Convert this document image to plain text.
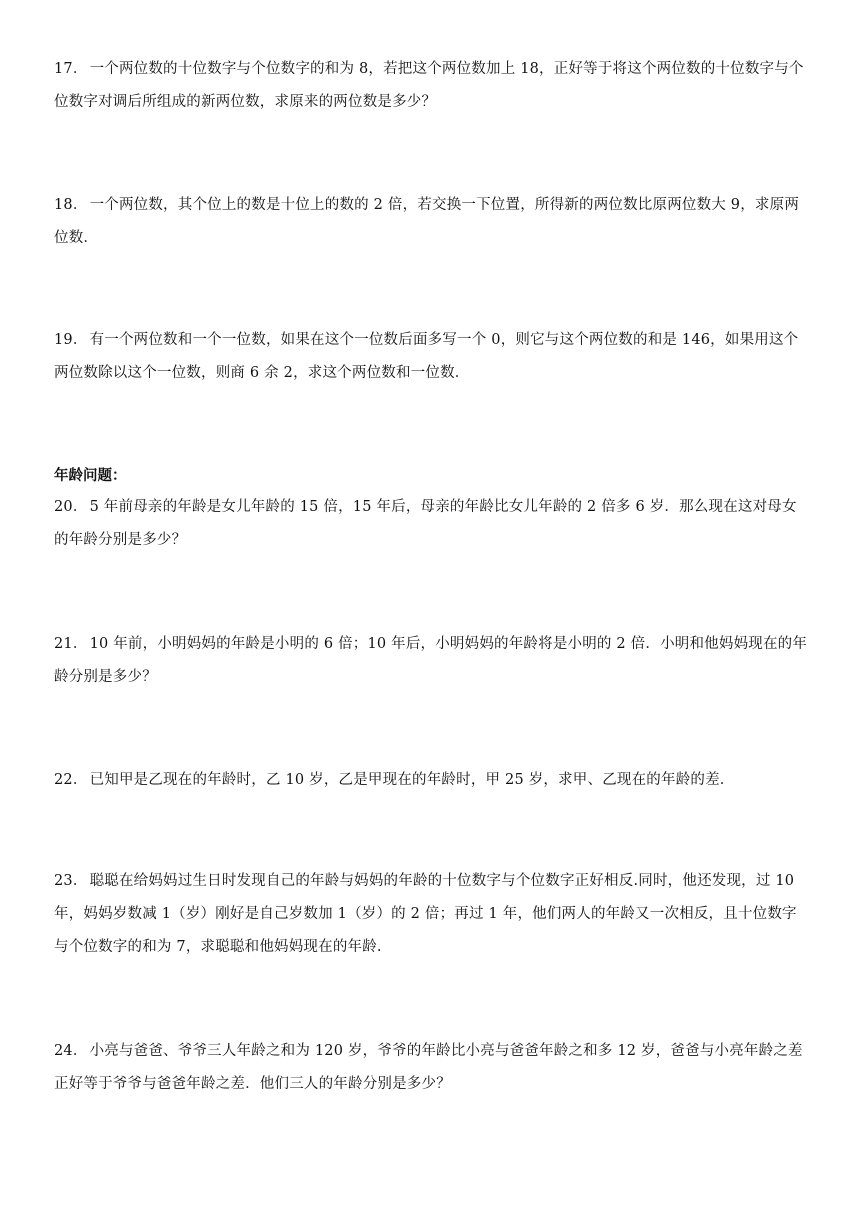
17． 一个两位数的十位数字与个位数字的和为 8，若把这个两位数加上 18，正好等于将这个两位数的十位数字与个位数字对调后所组成的新两位数，求原来的两位数是多少？

18． 一个两位数，其个位上的数是十位上的数的 2 倍，若交换一下位置，所得新的两位数比原两位数大 9，求原两位数．

19． 有一个两位数和一个一位数，如果在这个一位数后面多写一个 0，则它与这个两位数的和是 146，如果用这个两位数除以这个一位数，则商 6 余 2，求这个两位数和一位数．

年龄问题：

20． 5 年前母亲的年龄是女儿年龄的 15 倍，15 年后，母亲的年龄比女儿年龄的 2 倍多 6 岁．那么现在这对母女的年龄分别是多少？

21． 10 年前，小明妈妈的年龄是小明的 6 倍；10 年后，小明妈妈的年龄将是小明的 2 倍．小明和他妈妈现在的年龄分别是多少？

22． 已知甲是乙现在的年龄时，乙 10 岁，乙是甲现在的年龄时，甲 25 岁，求甲、乙现在的年龄的差．

23． 聪聪在给妈妈过生日时发现自己的年龄与妈妈的年龄的十位数字与个位数字正好相反.同时，他还发现，过 10 年，妈妈岁数减 1（岁）刚好是自己岁数加 1（岁）的 2 倍；再过 1 年，他们两人的年龄又一次相反，且十位数字与个位数字的和为 7，求聪聪和他妈妈现在的年龄.

24． 小亮与爸爸、爷爷三人年龄之和为 120 岁，爷爷的年龄比小亮与爸爸年龄之和多 12 岁，爸爸与小亮年龄之差正好等于爷爷与爸爸年龄之差．他们三人的年龄分别是多少？
